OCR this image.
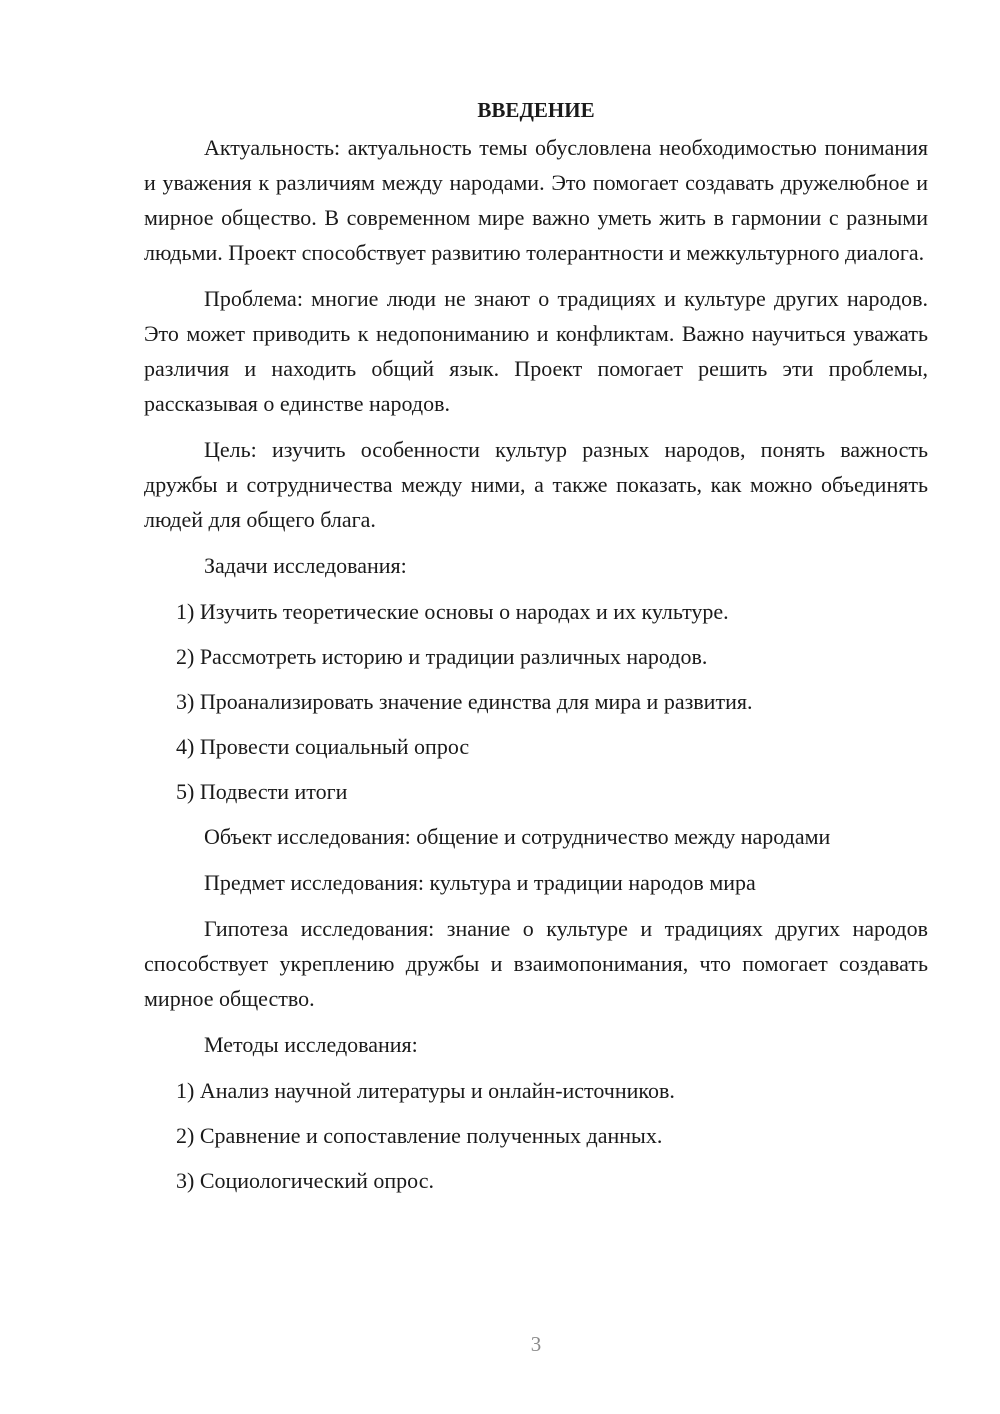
ВВЕДЕНИЕ

Актуальность: актуальность темы обусловлена необходимостью понимания и уважения к различиям между народами. Это помогает создавать дружелюбное и мирное общество. В современном мире важно уметь жить в гармонии с разными людьми. Проект способствует развитию толерантности и межкультурного диалога.

Проблема: многие люди не знают о традициях и культуре других народов. Это может приводить к недопониманию и конфликтам. Важно научиться уважать различия и находить общий язык. Проект помогает решить эти проблемы, рассказывая о единстве народов.

Цель: изучить особенности культур разных народов, понять важность дружбы и сотрудничества между ними, а также показать, как можно объединять людей для общего блага.

Задачи исследования:

1) Изучить теоретические основы о народах и их культуре.

2) Рассмотреть историю и традиции различных народов.

3) Проанализировать значение единства для мира и развития.

4) Провести социальный опрос

5) Подвести итоги

Объект исследования: общение и сотрудничество между народами

Предмет исследования: культура и традиции народов мира

Гипотеза исследования: знание о культуре и традициях других народов способствует укреплению дружбы и взаимопонимания, что помогает создавать мирное общество.

Методы исследования:

1) Анализ научной литературы и онлайн-источников.

2) Сравнение и сопоставление полученных данных.

3) Социологический опрос.

3
